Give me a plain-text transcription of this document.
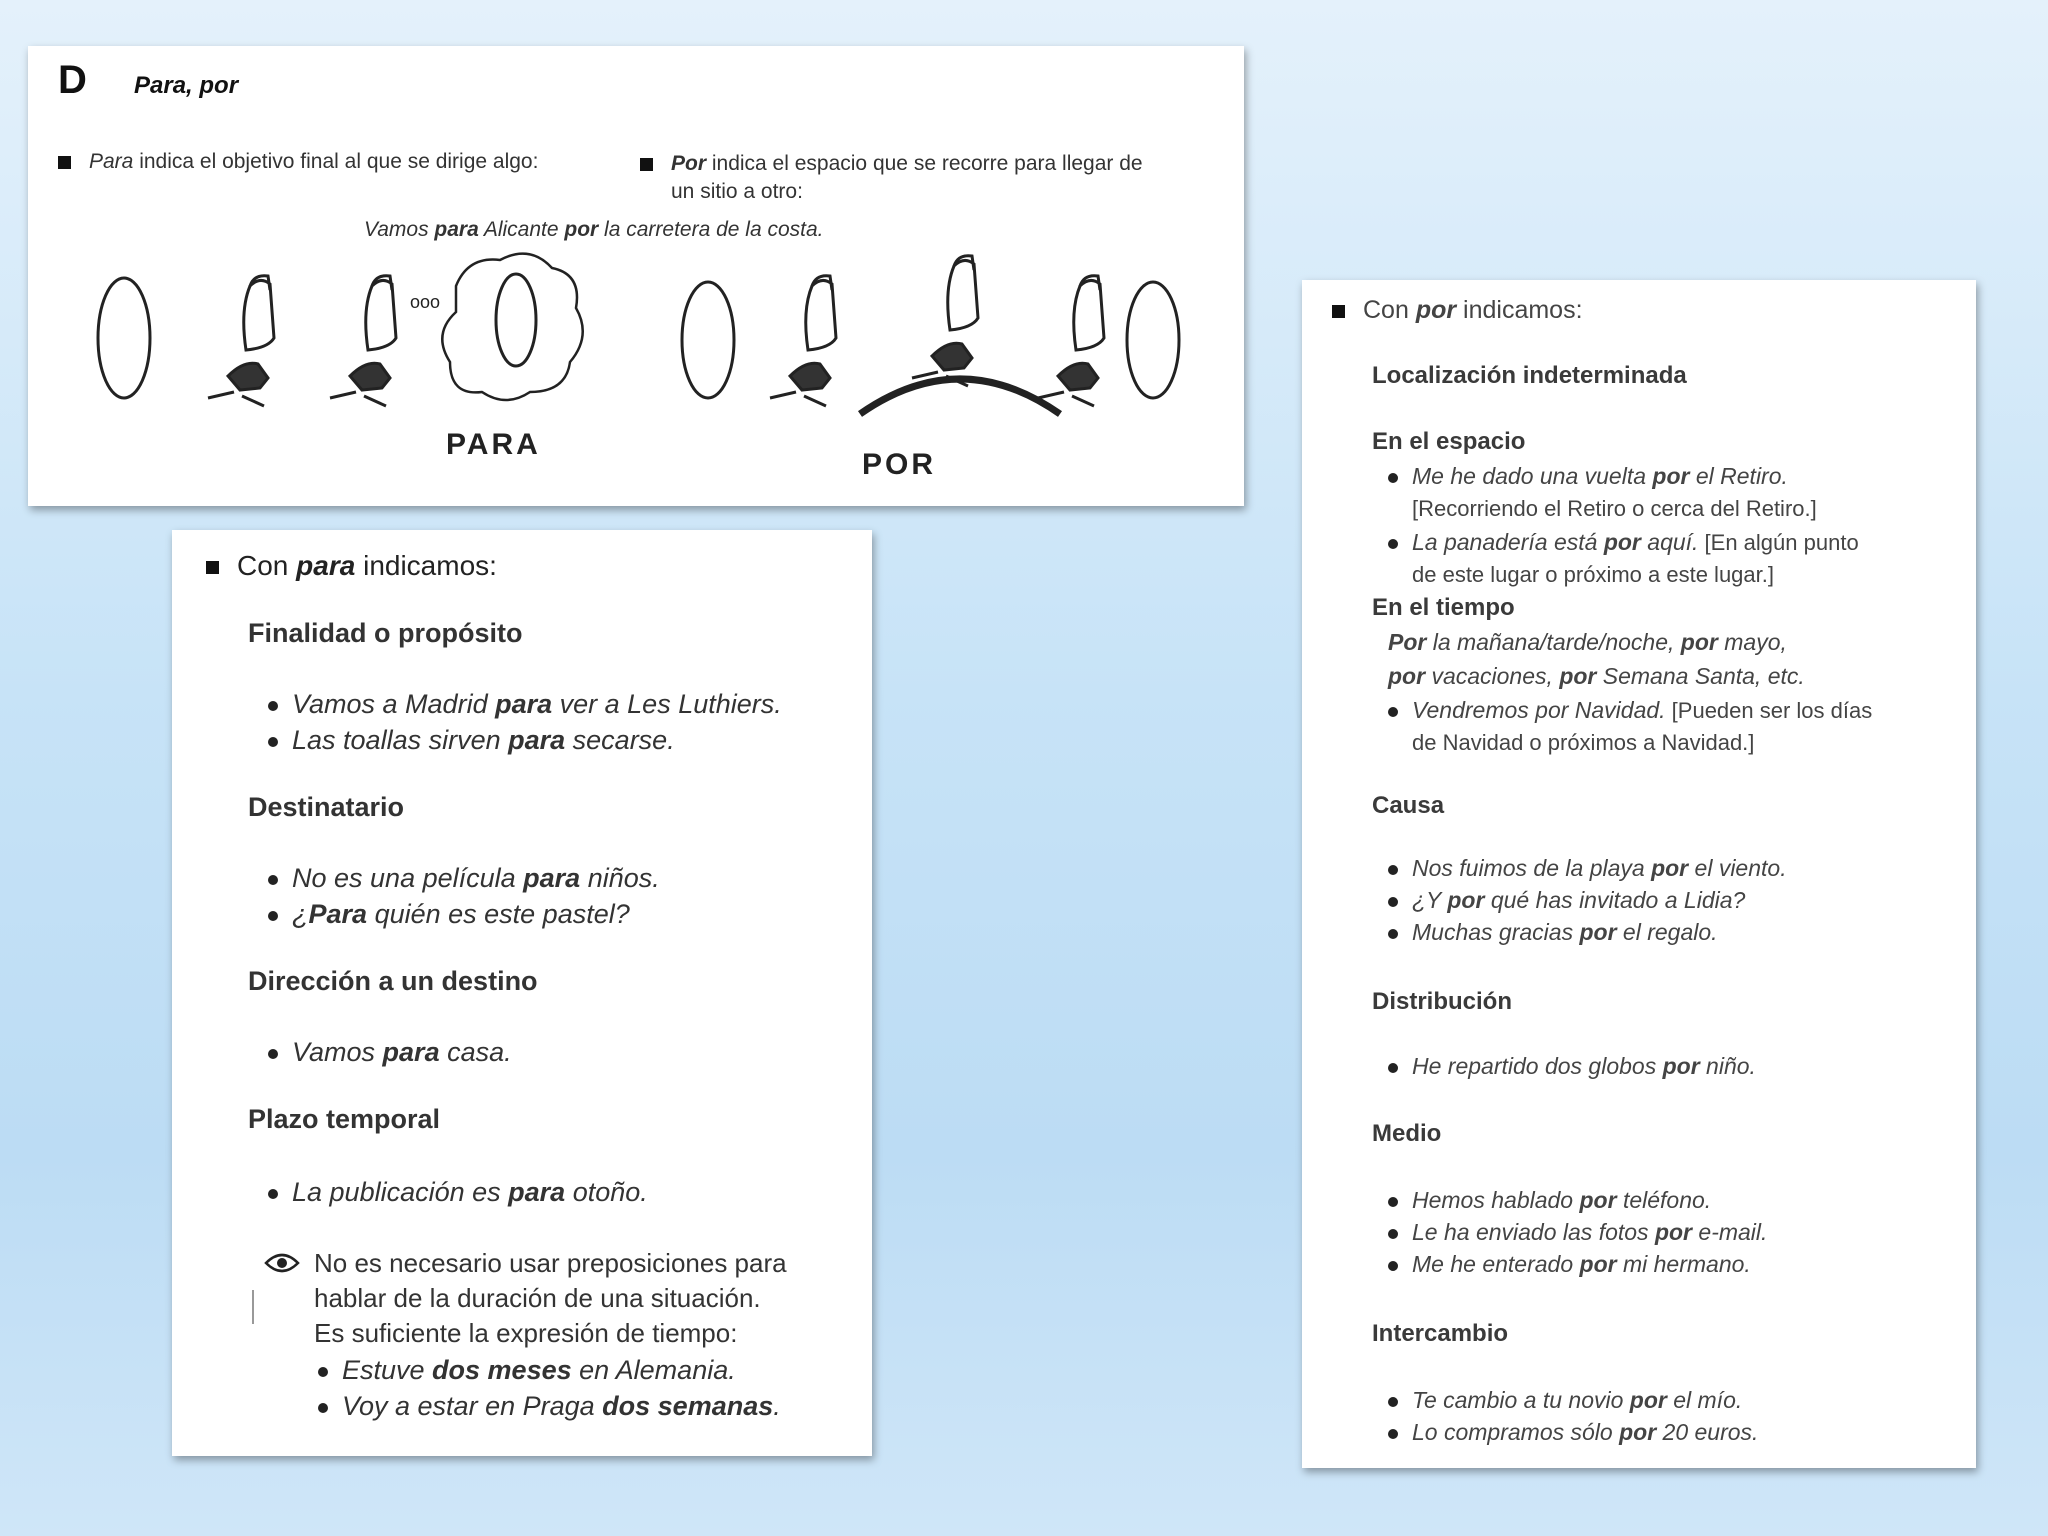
D Para, por
Para indica el objetivo final al que se dirige algo:	Por indica el espacio que se recorre para llegar de
un sitio a otro:
Vamos para Alicante por la carretera de la costa.
ooo
PARA
POR
Con para indicamos:
Finalidad o propósito
Vamos a Madrid para ver a Les Luthiers.
Las toallas sirven para secarse.
Destinatario
No es una película para niños.
¿Para quién es este pastel?
Dirección a un destino
Vamos para casa.
Plazo temporal
La publicación es para otoño.
No es necesario usar preposiciones para
hablar de la duración de una situación.
Es suficiente la expresión de tiempo:
Estuve dos meses en Alemania.
Voy a estar en Praga dos semanas.
Con por indicamos:
Localización indeterminada
En el espacio
Me he dado una vuelta por el Retiro.
[Recorriendo el Retiro o cerca del Retiro.]
La panadería está por aquí. [En algún punto
de este lugar o próximo a este lugar.]
En el tiempo
Por la mañana/tarde/noche, por mayo,
por vacaciones, por Semana Santa, etc.
Vendremos por Navidad. [Pueden ser los días
de Navidad o próximos a Navidad.]
Causa
Nos fuimos de la playa por el viento.
¿Y por qué has invitado a Lidia?
Muchas gracias por el regalo.
Distribución
He repartido dos globos por niño.
Medio
Hemos hablado por teléfono.
Le ha enviado las fotos por e-mail.
Me he enterado por mi hermano.
Intercambio
Te cambio a tu novio por el mío.
Lo compramos sólo por 20 euros.
